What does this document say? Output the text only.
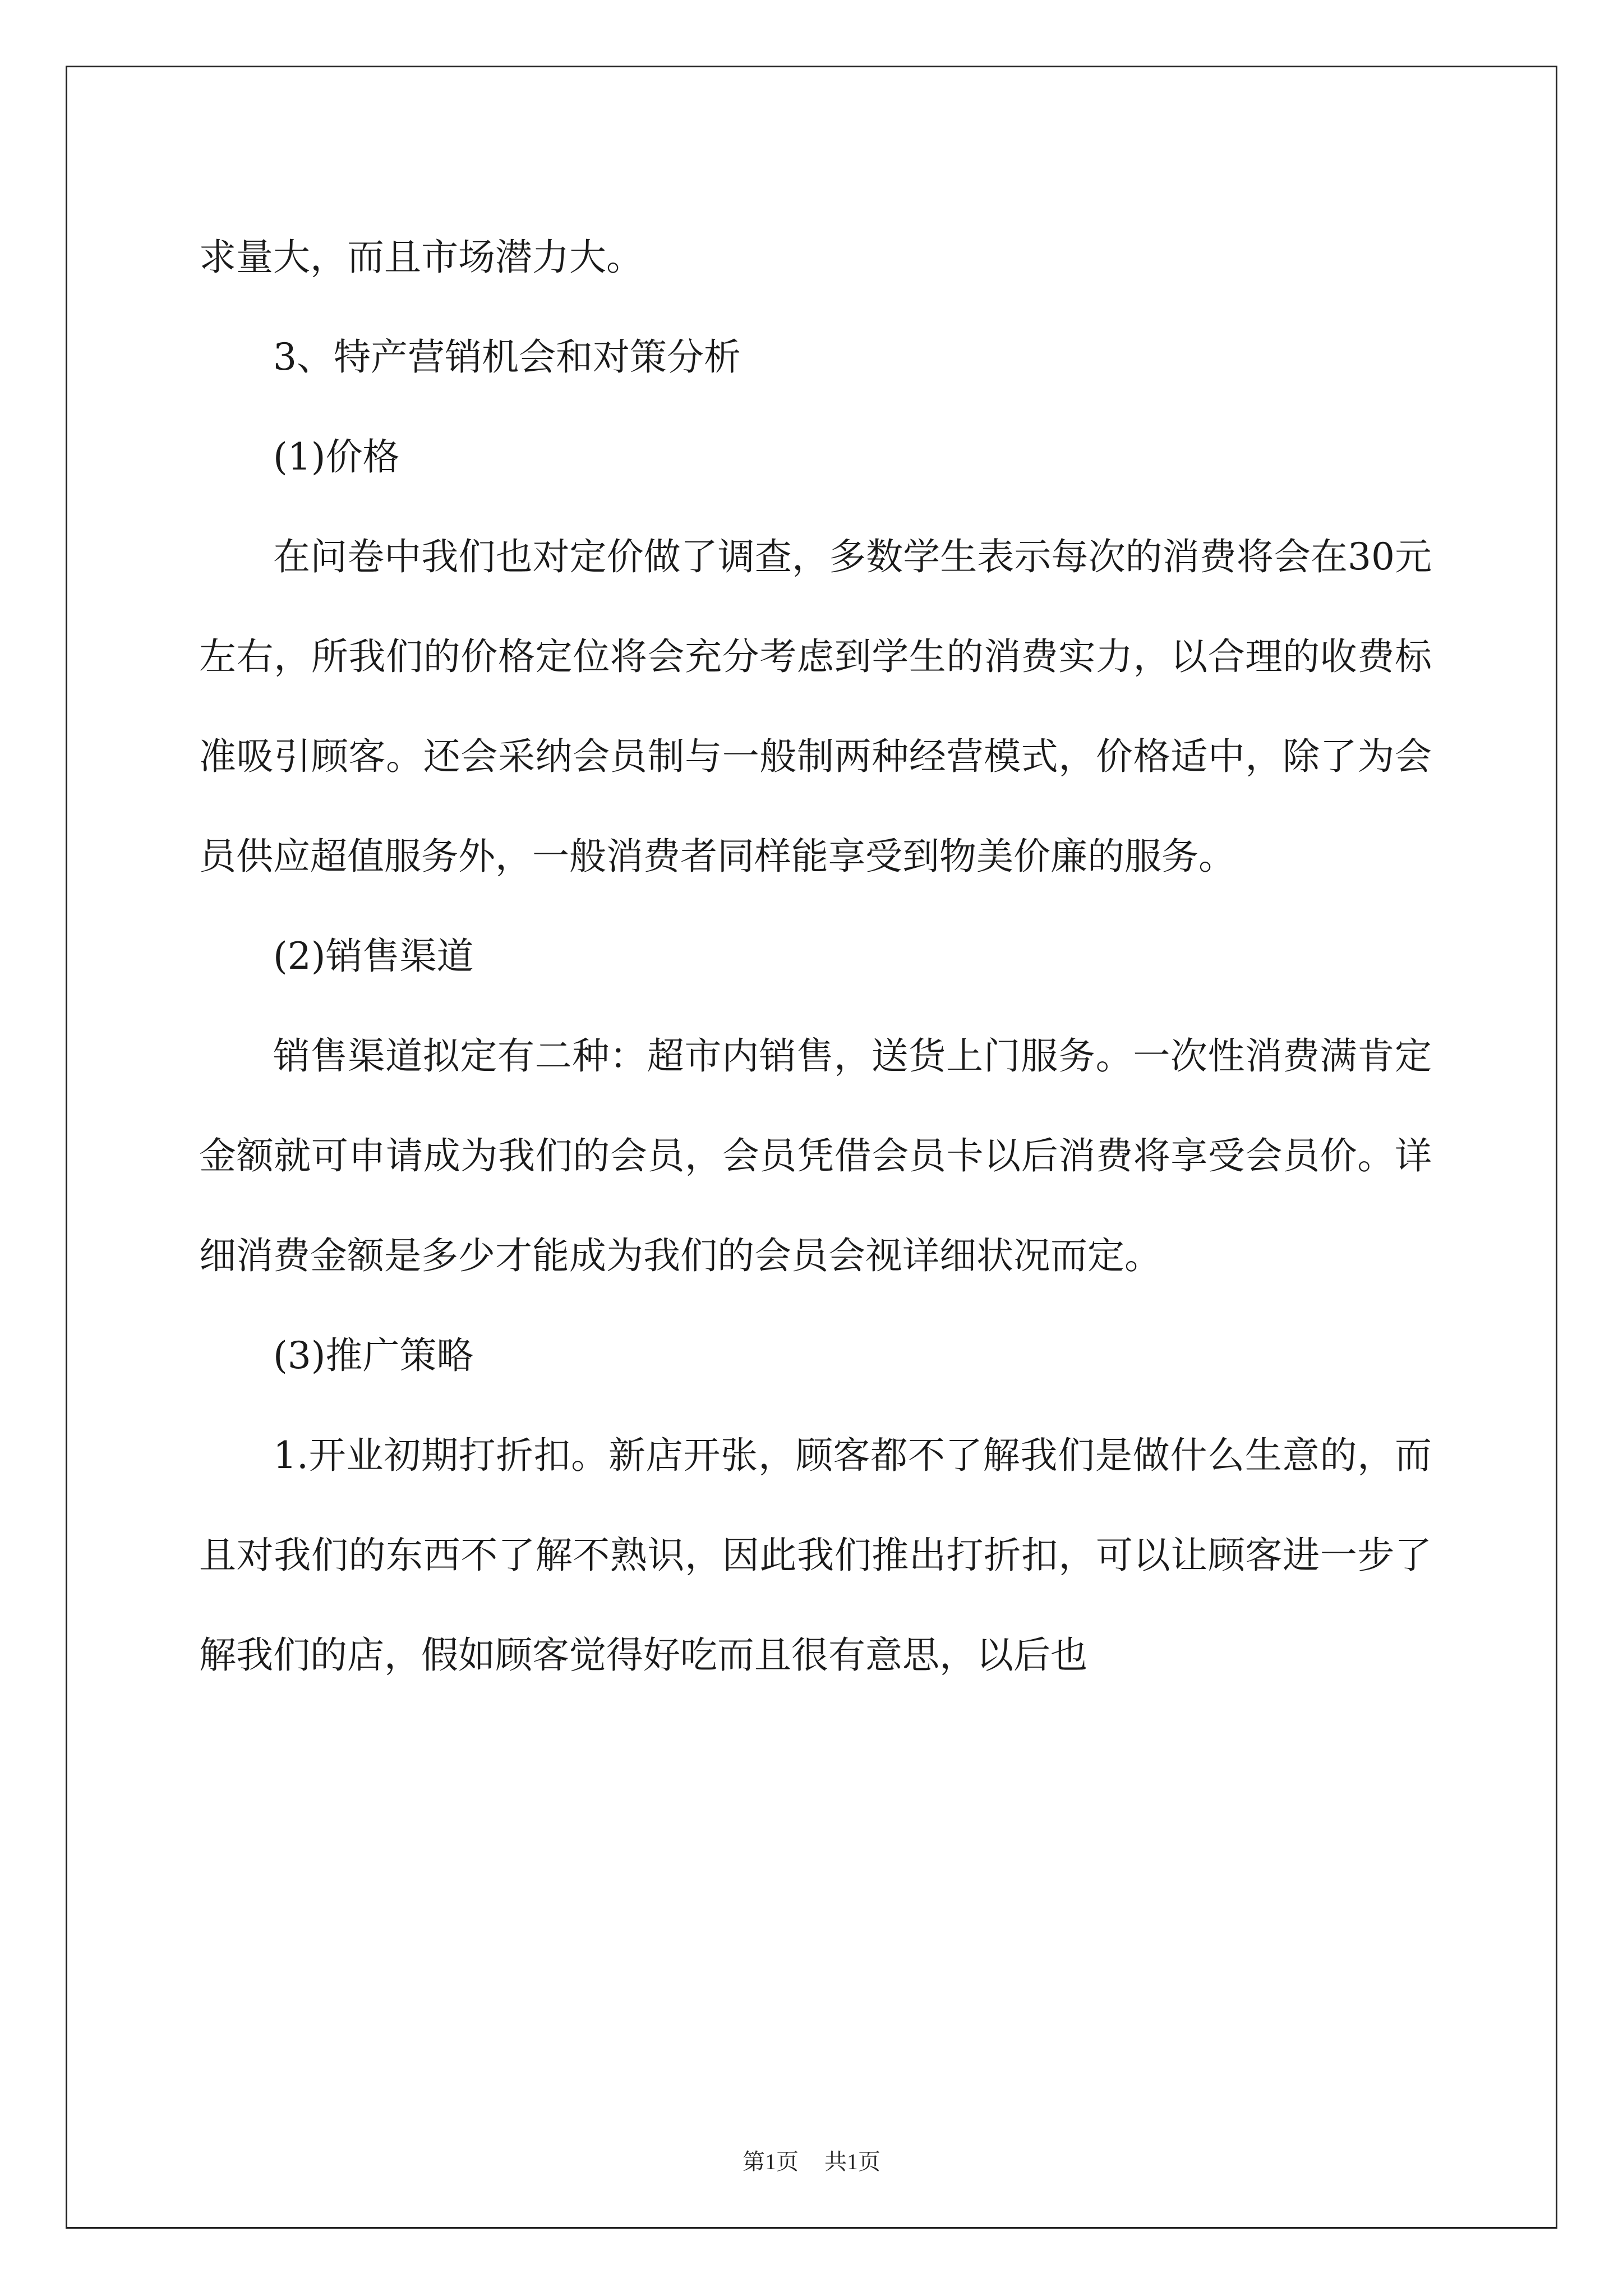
求量大，而且市场潜力大。

3、特产营销机会和对策分析

(1)价格

在问卷中我们也对定价做了调查，多数学生表示每次的消费将会在30元左右，所我们的价格定位将会充分考虑到学生的消费实力，以合理的收费标准吸引顾客。还会采纳会员制与一般制两种经营模式，价格适中，除了为会员供应超值服务外，一般消费者同样能享受到物美价廉的服务。

(2)销售渠道

销售渠道拟定有二种：超市内销售，送货上门服务。一次性消费满肯定金额就可申请成为我们的会员，会员凭借会员卡以后消费将享受会员价。详细消费金额是多少才能成为我们的会员会视详细状况而定。

(3)推广策略

1.开业初期打折扣。新店开张，顾客都不了解我们是做什么生意的，而且对我们的东西不了解不熟识，因此我们推出打折扣，可以让顾客进一步了解我们的店，假如顾客觉得好吃而且很有意思，以后也

第1页 共1页
